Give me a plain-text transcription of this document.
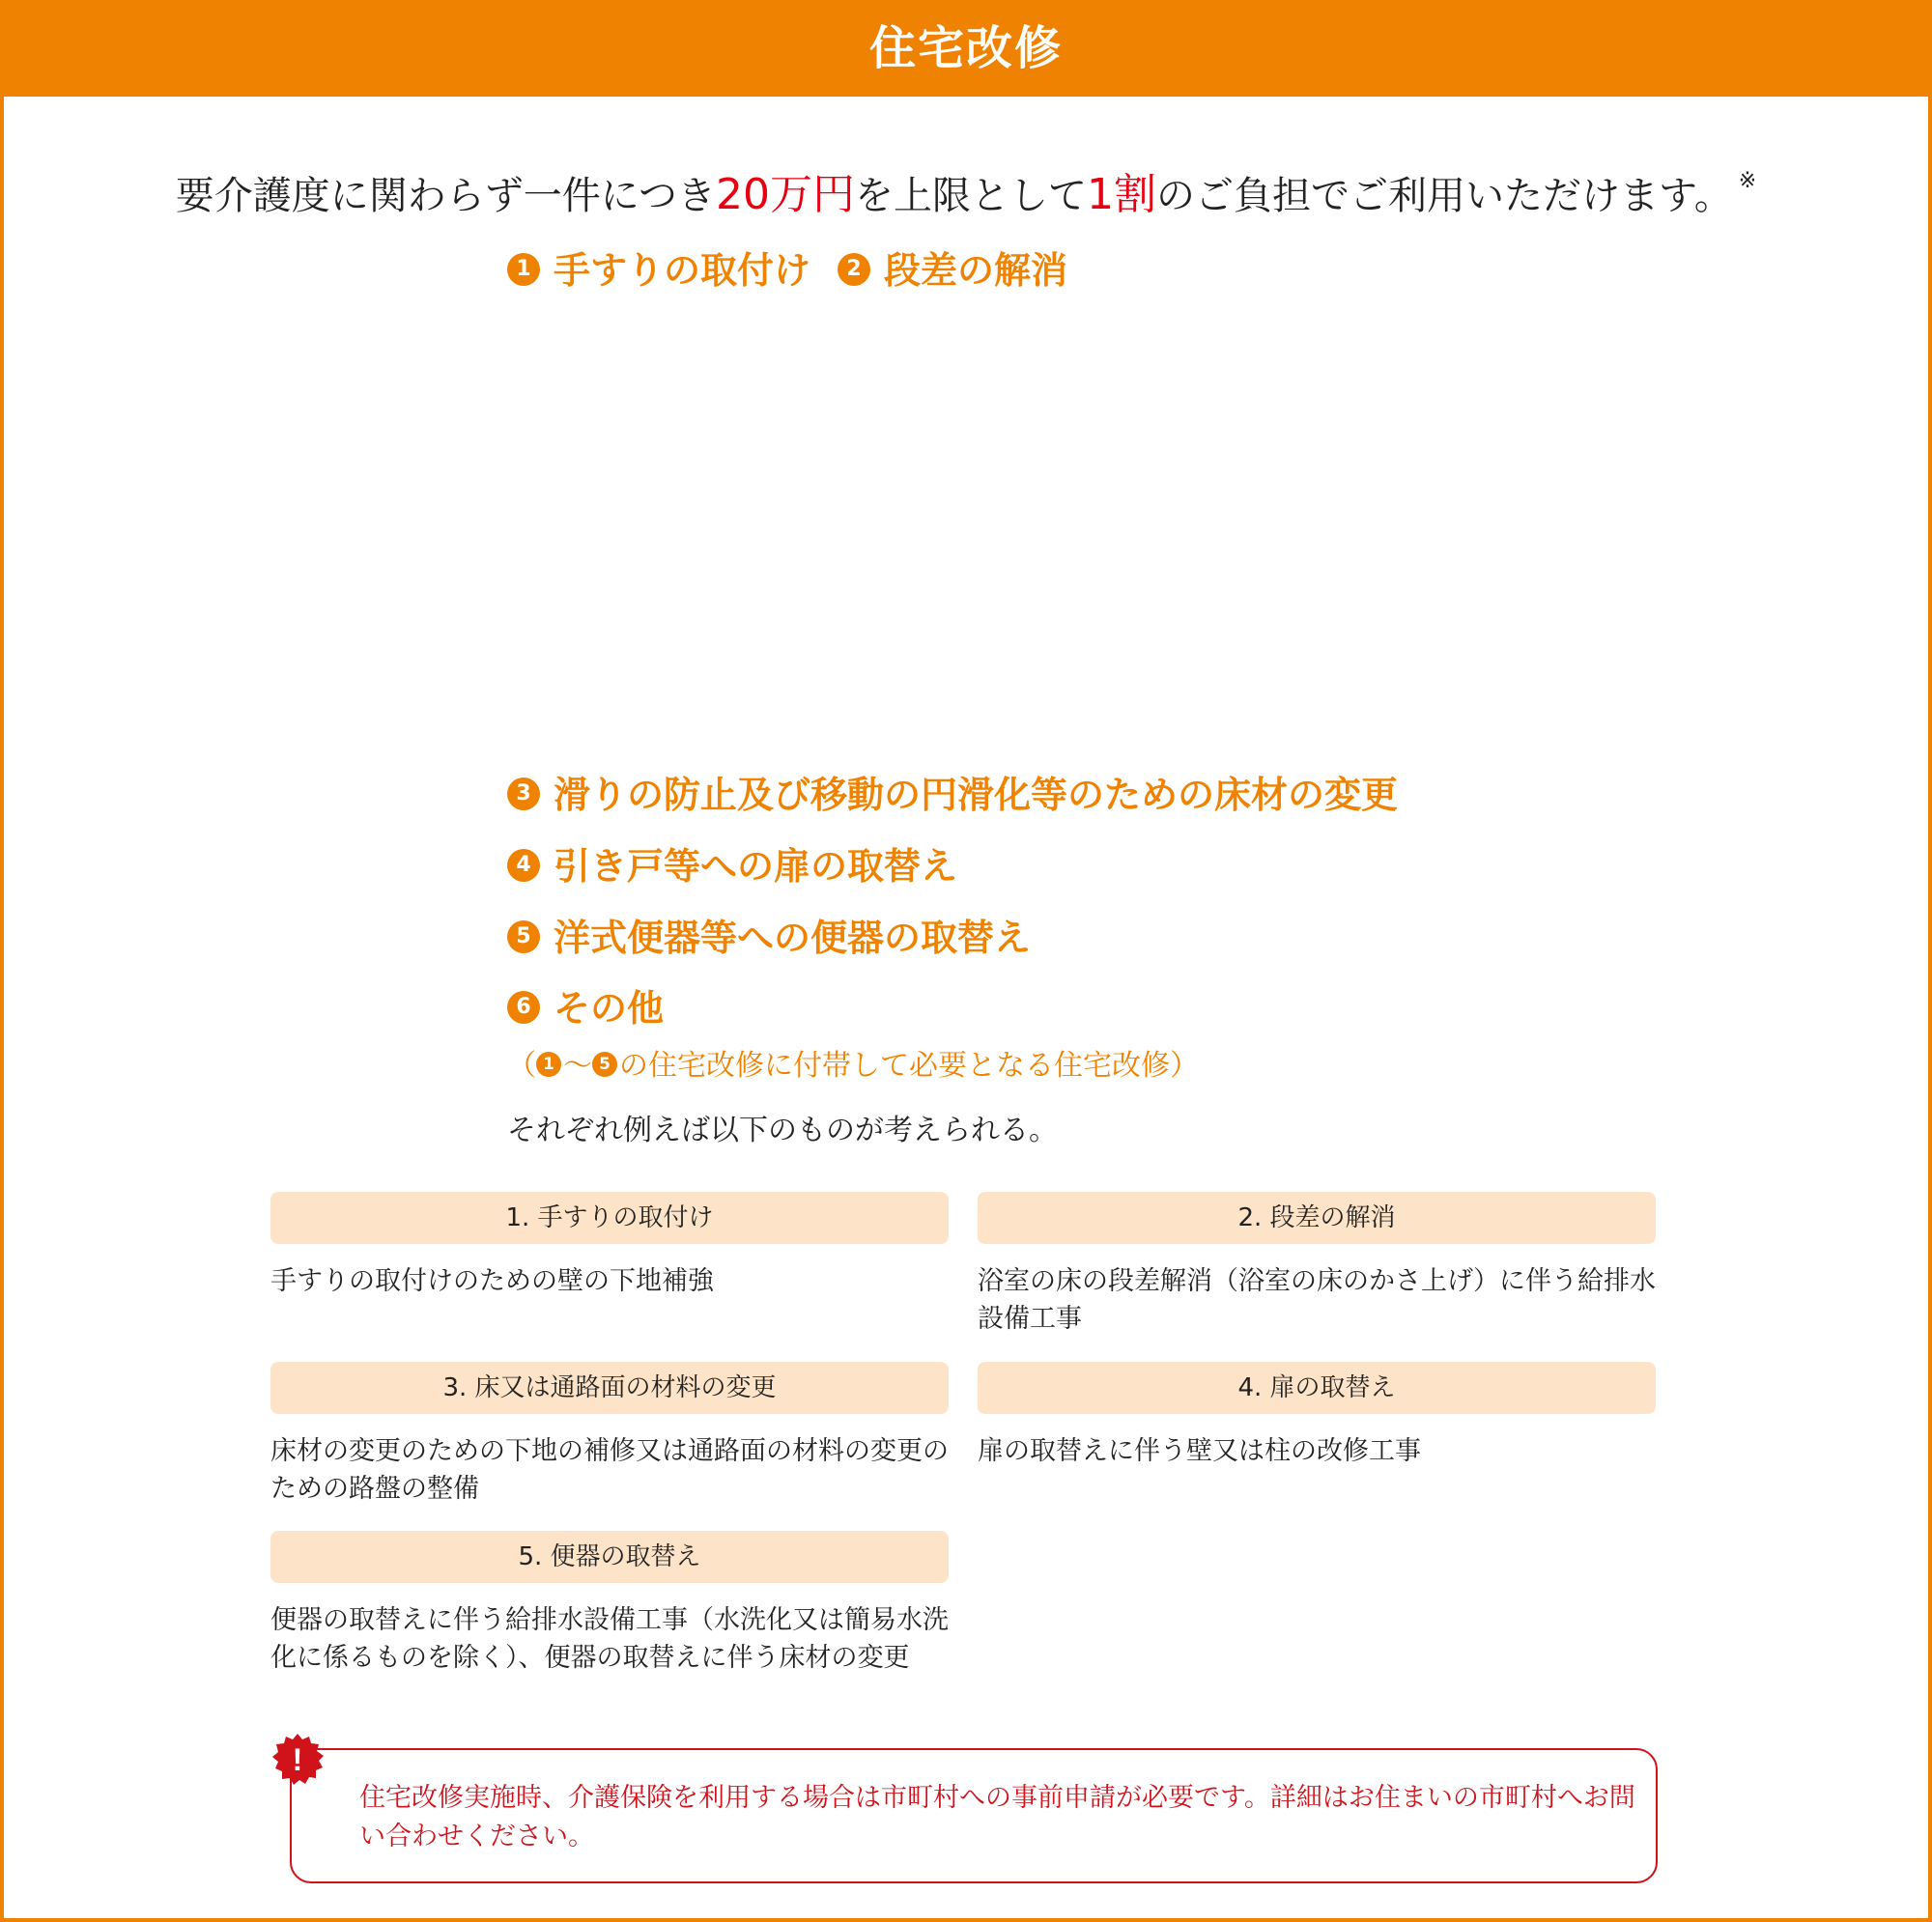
住宅改修
要介護度に関わらず一件につき20万円を上限として1割のご負担でご利用いただけます。 ※
1 手すりの取付け 2 段差の解消
3 滑りの防止及び移動の円滑化等のための床材の変更
4 引き戸等への扉の取替え
5 洋式便器等への便器の取替え
6 その他
（ 1 ～ 5 の住宅改修に付帯して必要となる住宅改修）
それぞれ例えば以下のものが考えられる。
1. 手すりの取付け
手すりの取付けのための壁の下地補強
2. 段差の解消
浴室の床の段差解消（浴室の床のかさ上げ）に伴う給排水設備工事
3. 床又は通路面の材料の変更
床材の変更のための下地の補修又は通路面の材料の変更のための路盤の整備
4. 扉の取替え
扉の取替えに伴う壁又は柱の改修工事
5. 便器の取替え
便器の取替えに伴う給排水設備工事（水洗化又は簡易水洗化に係るものを除く）、便器の取替えに伴う床材の変更
住宅改修実施時、介護保険を利用する場合は市町村への事前申請が必要です。詳細はお住まいの市町村へお問い合わせください。
!
